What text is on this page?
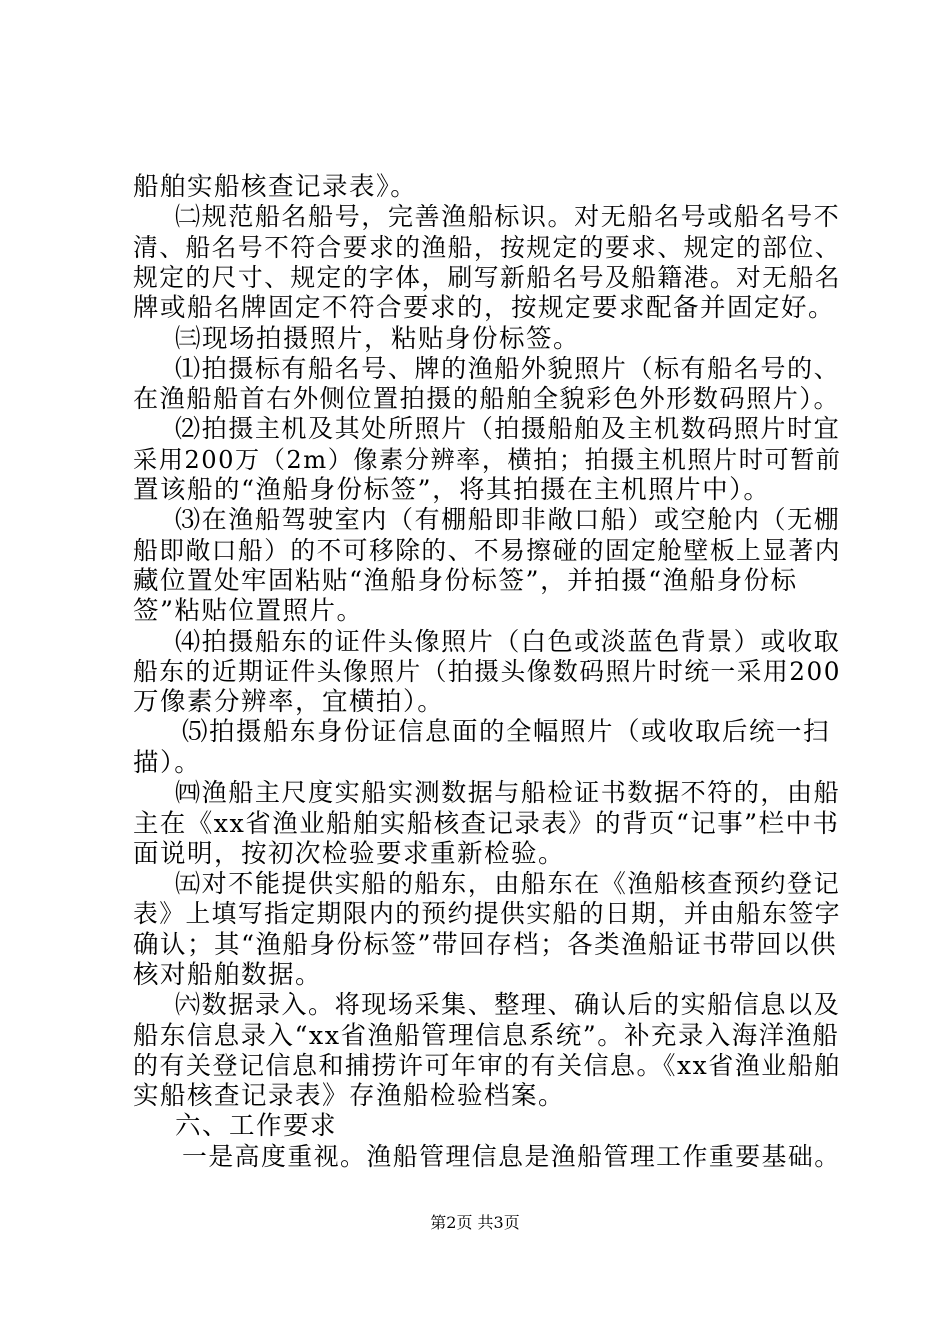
船舶实船核查记录表》。
㈡规范船名船号，完善渔船标识。对无船名号或船名号不
清、船名号不符合要求的渔船，按规定的要求、规定的部位、
规定的尺寸、规定的字体，刷写新船名号及船籍港。对无船名
牌或船名牌固定不符合要求的，按规定要求配备并固定好。
㈢现场拍摄照片，粘贴身份标签。
⑴拍摄标有船名号、牌的渔船外貌照片（标有船名号的、
在渔船船首右外侧位置拍摄的船舶全貌彩色外形数码照片）。
⑵拍摄主机及其处所照片（拍摄船舶及主机数码照片时宜
采用200万（2m）像素分辨率，横拍；拍摄主机照片时可暂前
置该船的“渔船身份标签”，将其拍摄在主机照片中）。
⑶在渔船驾驶室内（有棚船即非敞口船）或空舱内（无棚
船即敞口船）的不可移除的、不易擦碰的固定舱壁板上显著内
藏位置处牢固粘贴“渔船身份标签”，并拍摄“渔船身份标
签”粘贴位置照片。
⑷拍摄船东的证件头像照片（白色或淡蓝色背景）或收取
船东的近期证件头像照片（拍摄头像数码照片时统一采用200
万像素分辨率，宜横拍）。
⑸拍摄船东身份证信息面的全幅照片（或收取后统一扫
描）。
㈣渔船主尺度实船实测数据与船检证书数据不符的，由船
主在《xx省渔业船舶实船核查记录表》的背页“记事”栏中书
面说明，按初次检验要求重新检验。
㈤对不能提供实船的船东，由船东在《渔船核查预约登记
表》上填写指定期限内的预约提供实船的日期，并由船东签字
确认；其“渔船身份标签”带回存档；各类渔船证书带回以供
核对船舶数据。
㈥数据录入。将现场采集、整理、确认后的实船信息以及
船东信息录入“xx省渔船管理信息系统”。补充录入海洋渔船
的有关登记信息和捕捞许可年审的有关信息。《xx省渔业船舶
实船核查记录表》存渔船检验档案。
六、工作要求
一是高度重视。渔船管理信息是渔船管理工作重要基础。
第2页 共3页
